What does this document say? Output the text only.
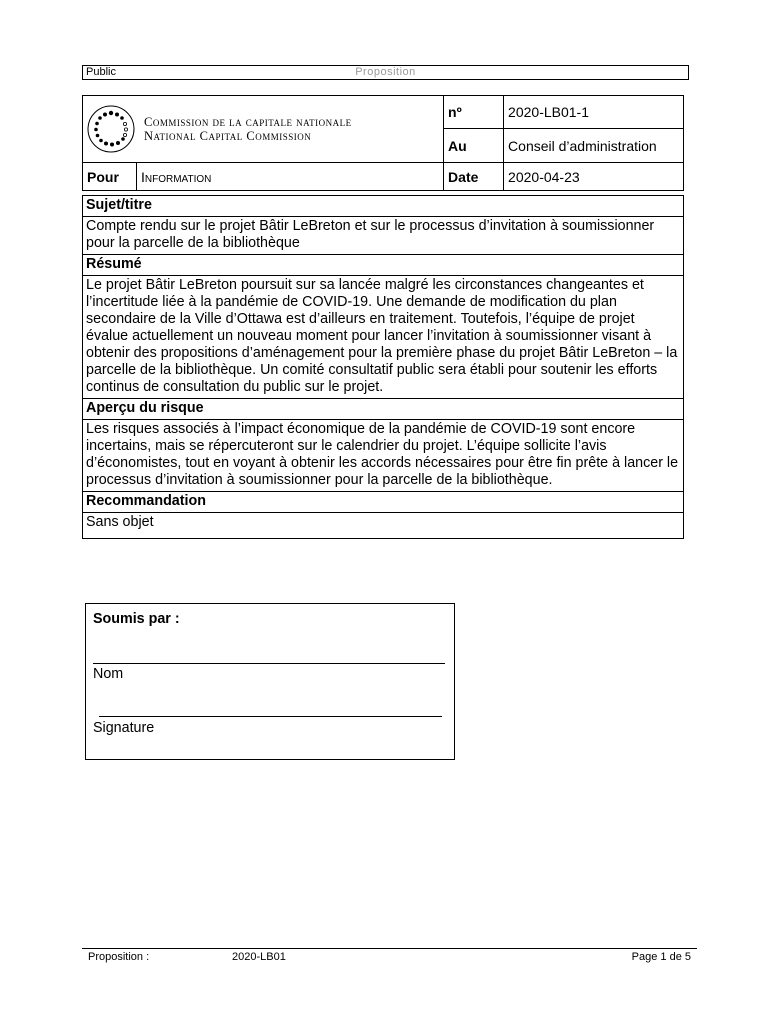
Public	Proposition
Commission de la capitale nationale
National Capital Commission		nº	2020-LB01-1
		Au	Conseil d’administration
Pour	Information	Date	2020-04-23
Sujet/titre
Compte rendu sur le projet Bâtir LeBreton et sur le processus d’invitation à soumissionner pour la parcelle de la bibliothèque
Résumé
Le projet Bâtir LeBreton poursuit sur sa lancée malgré les circonstances changeantes et l’incertitude liée à la pandémie de COVID-19. Une demande de modification du plan secondaire de la Ville d’Ottawa est d’ailleurs en traitement. Toutefois, l’équipe de projet évalue actuellement un nouveau moment pour lancer l’invitation à soumissionner visant à obtenir des propositions d’aménagement pour la première phase du projet Bâtir LeBreton – la parcelle de la bibliothèque. Un comité consultatif public sera établi pour soutenir les efforts continus de consultation du public sur le projet.
Aperçu du risque
Les risques associés à l’impact économique de la pandémie de COVID-19 sont encore incertains, mais se répercuteront sur le calendrier du projet. L’équipe sollicite l’avis d’économistes, tout en voyant à obtenir les accords nécessaires pour être fin prête à lancer le processus d’invitation à soumissionner pour la parcelle de la bibliothèque.
Recommandation
Sans objet
Soumis par :
Nom
Signature
Proposition :	2020-LB01	Page 1 de 5
